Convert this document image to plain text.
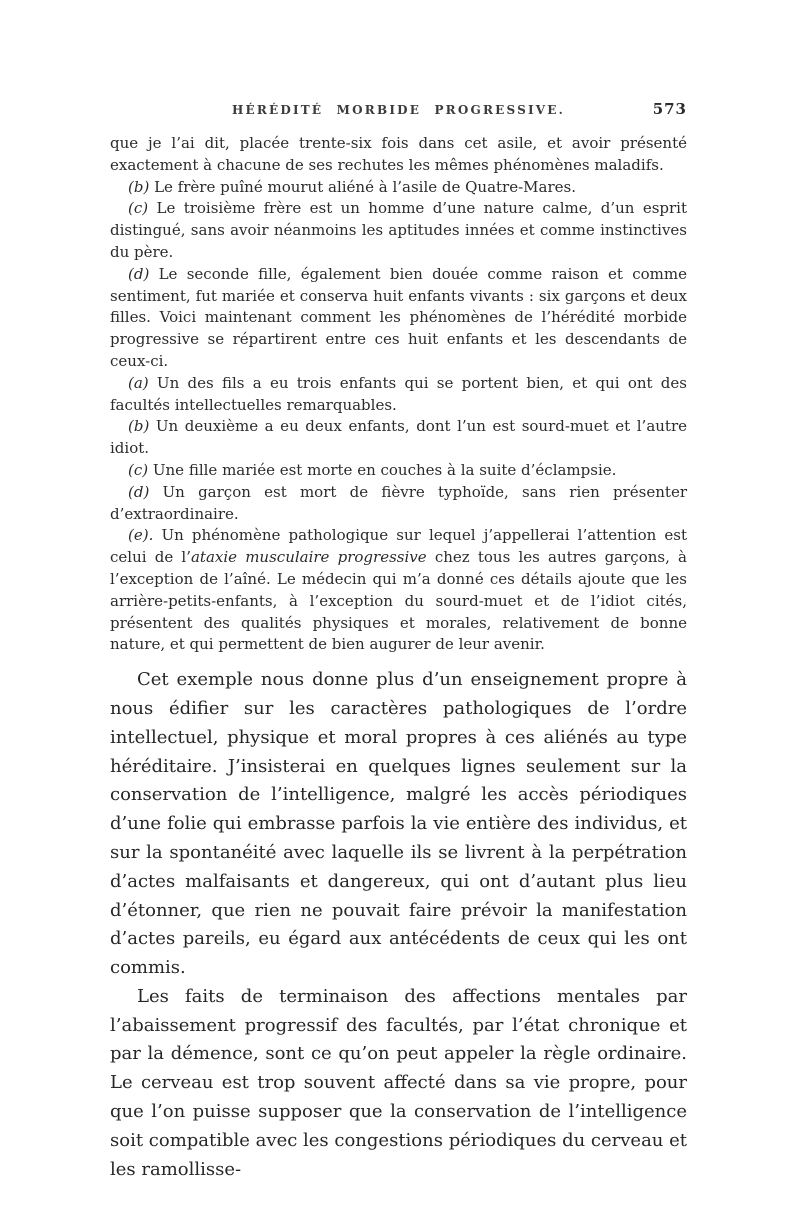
HÉRÉDITÉ MORBIDE PROGRESSIVE.	573

que je l’ai dit, placée trente-six fois dans cet asile, et avoir présenté exactement à chacune de ses rechutes les mêmes phénomènes maladifs.

(b) Le frère puîné mourut aliéné à l’asile de Quatre-Mares.

(c) Le troisième frère est un homme d’une nature calme, d’un esprit distingué, sans avoir néanmoins les aptitudes innées et comme instinctives du père.

(d) Le seconde fille, également bien douée comme raison et comme sentiment, fut mariée et conserva huit enfants vivants : six garçons et deux filles. Voici maintenant comment les phénomènes de l’hérédité morbide progressive se répartirent entre ces huit enfants et les descendants de ceux-ci.

(a) Un des fils a eu trois enfants qui se portent bien, et qui ont des facultés intellectuelles remarquables.

(b) Un deuxième a eu deux enfants, dont l’un est sourd-muet et l’autre idiot.

(c) Une fille mariée est morte en couches à la suite d’éclampsie.

(d) Un garçon est mort de fièvre typhoïde, sans rien présenter d’extraordinaire.

(e). Un phénomène pathologique sur lequel j’appellerai l’attention est celui de l’ataxie musculaire progressive chez tous les autres garçons, à l’exception de l’aîné. Le médecin qui m’a donné ces détails ajoute que les arrière-petits-enfants, à l’exception du sourd-muet et de l’idiot cités, présentent des qualités physiques et morales, relativement de bonne nature, et qui permettent de bien augurer de leur avenir.

Cet exemple nous donne plus d’un enseignement propre à nous édifier sur les caractères pathologiques de l’ordre intellectuel, physique et moral propres à ces aliénés au type héréditaire. J’insisterai en quelques lignes seulement sur la conservation de l’intelligence, malgré les accès périodiques d’une folie qui embrasse parfois la vie entière des individus, et sur la spontanéité avec laquelle ils se livrent à la perpétration d’actes malfaisants et dangereux, qui ont d’autant plus lieu d’étonner, que rien ne pouvait faire prévoir la manifestation d’actes pareils, eu égard aux antécédents de ceux qui les ont commis.

Les faits de terminaison des affections mentales par l’abaissement progressif des facultés, par l’état chronique et par la démence, sont ce qu’on peut appeler la règle ordinaire. Le cerveau est trop souvent affecté dans sa vie propre, pour que l’on puisse supposer que la conservation de l’intelligence soit compatible avec les congestions périodiques du cerveau et les ramollisse-
